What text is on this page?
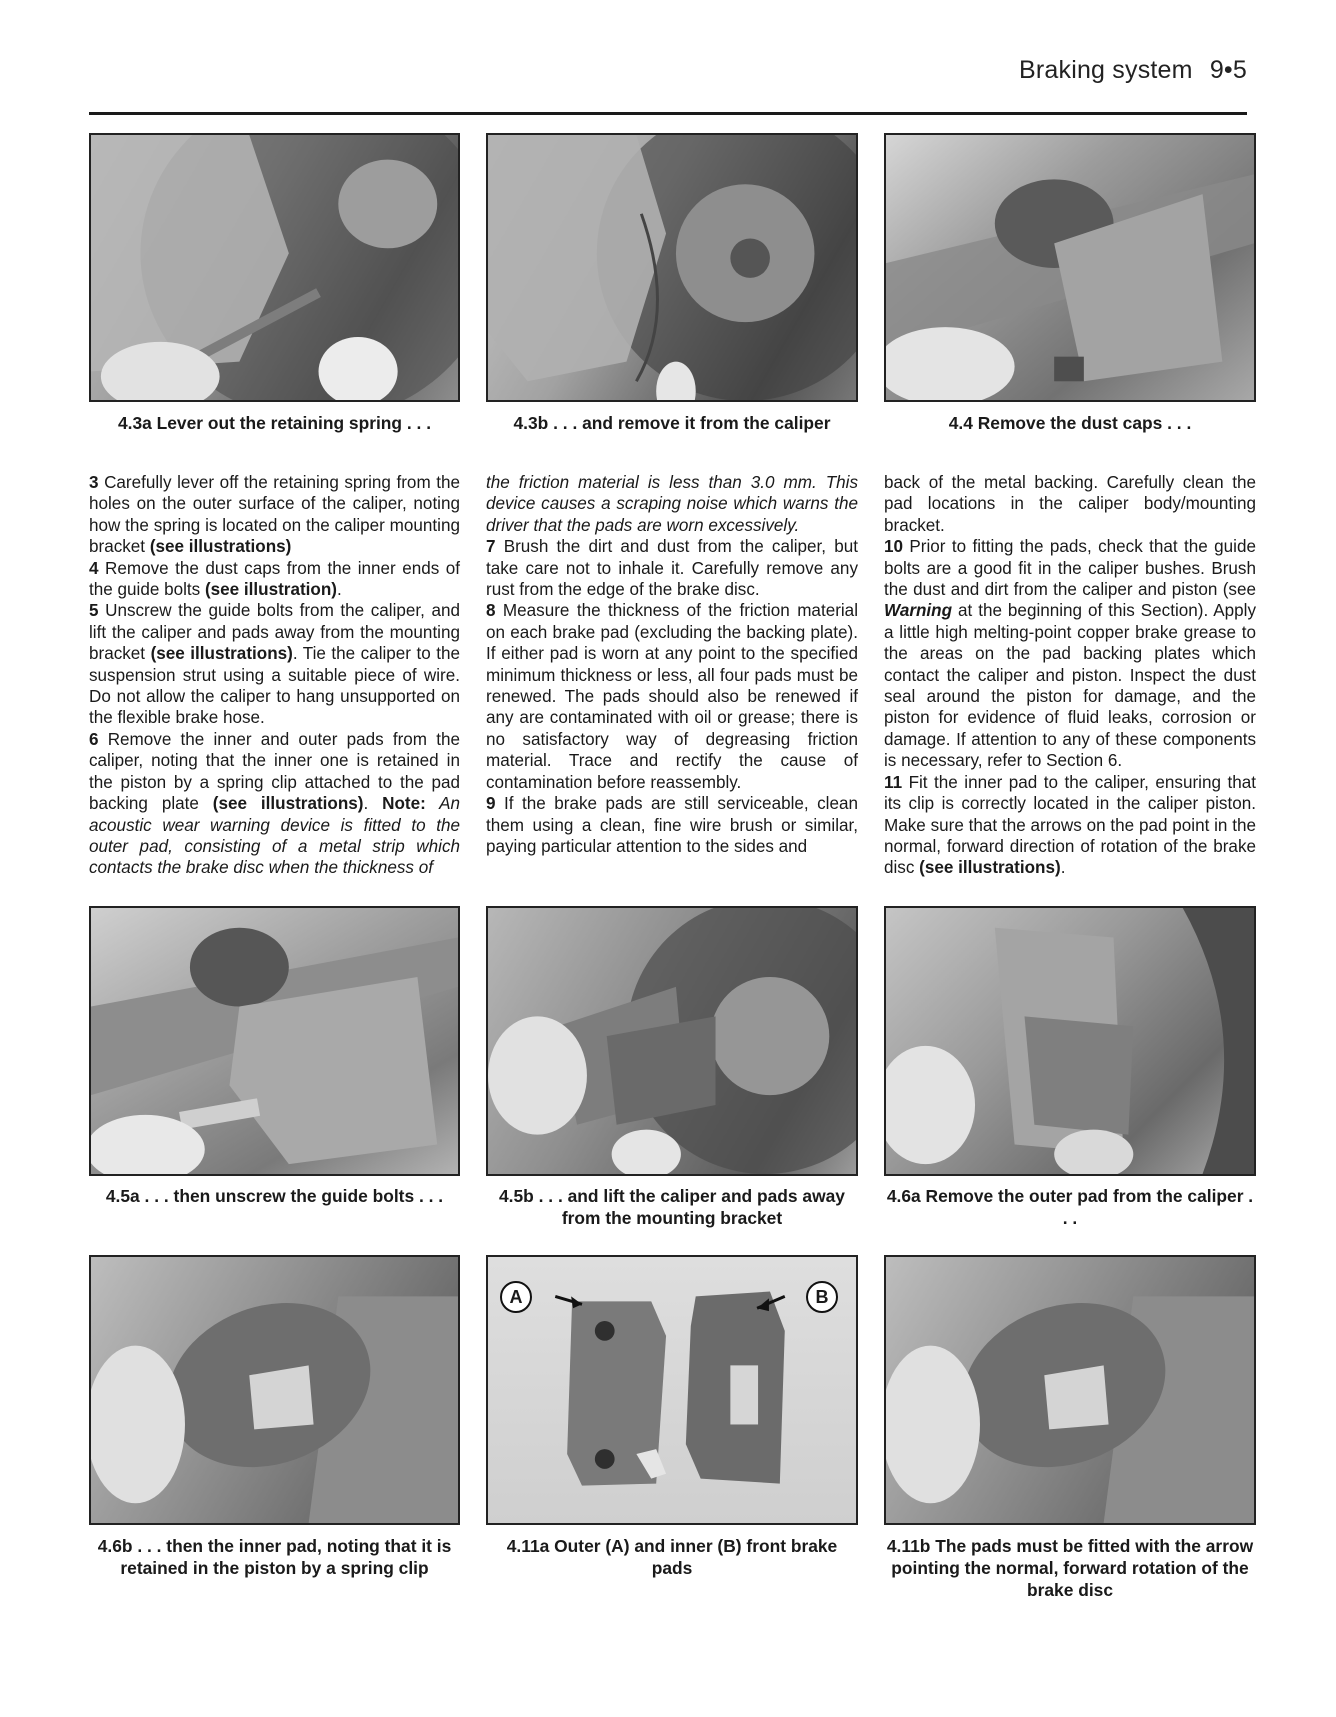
Braking system 9•5
4.3a Lever out the retaining spring . . .	4.3b . . . and remove it from the caliper	4.4 Remove the dust caps . . .

3 Carefully lever off the retaining spring from the holes on the outer surface of the caliper, noting how the spring is located on the caliper mounting bracket (see illustrations)

4 Remove the dust caps from the inner ends of the guide bolts (see illustration).

5 Unscrew the guide bolts from the caliper, and lift the caliper and pads away from the mounting bracket (see illustrations). Tie the caliper to the suspension strut using a suitable piece of wire. Do not allow the caliper to hang unsupported on the flexible brake hose.

6 Remove the inner and outer pads from the caliper, noting that the inner one is retained in the piston by a spring clip attached to the pad backing plate (see illustrations). Note: An acoustic wear warning device is fitted to the outer pad, consisting of a metal strip which contacts the brake disc when the thickness of

the friction material is less than 3.0 mm. This device causes a scraping noise which warns the driver that the pads are worn excessively.

7 Brush the dirt and dust from the caliper, but take care not to inhale it. Carefully remove any rust from the edge of the brake disc.

8 Measure the thickness of the friction material on each brake pad (excluding the backing plate). If either pad is worn at any point to the specified minimum thickness or less, all four pads must be renewed. The pads should also be renewed if any are contaminated with oil or grease; there is no satisfactory way of degreasing friction material. Trace and rectify the cause of contamination before reassembly.

9 If the brake pads are still serviceable, clean them using a clean, fine wire brush or similar, paying particular attention to the sides and

back of the metal backing. Carefully clean the pad locations in the caliper body/mounting bracket.

10 Prior to fitting the pads, check that the guide bolts are a good fit in the caliper bushes. Brush the dust and dirt from the caliper and piston (see Warning at the beginning of this Section). Apply a little high melting-point copper brake grease to the areas on the pad backing plates which contact the caliper and piston. Inspect the dust seal around the piston for damage, and the piston for evidence of fluid leaks, corrosion or damage. If attention to any of these components is necessary, refer to Section 6.

11 Fit the inner pad to the caliper, ensuring that its clip is correctly located in the caliper piston. Make sure that the arrows on the pad point in the normal, forward direction of rotation of the brake disc (see illustrations).

4.5a . . . then unscrew the guide bolts . . .	4.5b . . . and lift the caliper and pads away from the mounting bracket
4.6a Remove the outer pad from the caliper . . .
A	B
4.6b . . . then the inner pad, noting that it is retained in the piston by a spring clip
4.11a Outer (A) and inner (B) front brake pads
4.11b The pads must be fitted with the arrow pointing the normal, forward rotation of the brake disc
